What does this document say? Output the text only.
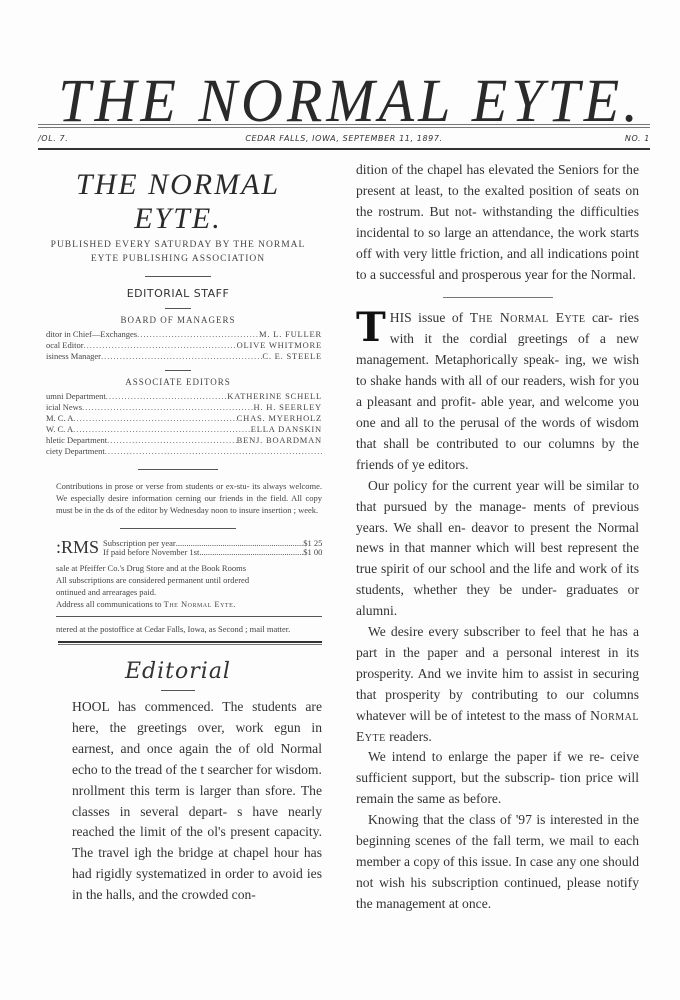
THE NORMAL EYTE.
/OL. 7.	CEDAR FALLS, IOWA, SEPTEMBER 11, 1897.	NO. 1
THE NORMAL EYTE.
PUBLISHED EVERY SATURDAY BY THE NORMAL
EYTE PUBLISHING ASSOCIATION
EDITORIAL STAFF
BOARD OF MANAGERS
ditor in Chief—Exchanges .....	M. L. FULLER
ocal Editor .....	OLIVE WHITMORE
isiness Manager .....	C. E. STEELE
ASSOCIATE EDITORS
umni Department .....	KATHERINE SCHELL
icial News .....	H. H. SEERLEY
M. C. A .....	CHAS. MYERHOLZ
W. C. A .....	ELLA DANSKIN
hletic Department .....	BENJ. BOARDMAN
ciety Department
.....

Contributions in prose or verse from students or ex-stu- its always welcome. We especially desire information cerning our friends in the field. All copy must be in the ds of the editor by Wednesday noon to insure insertion ; week.

:RMS Subscription per year .....	$1 25
If paid before November 1st .....	$1 00

sale at Pfeiffer Co.'s Drug Store and at the Book Rooms

All subscriptions are considered permanent until ordered

ontinued and arrearages paid.

Address all communications to The Normal Eyte.

ntered at the postoffice at Cedar Falls, Iowa, as Second ; mail matter.

Editorial

HOOL has commenced. The students are here, the greetings over, work egun in earnest, and once again the of old Normal echo to the tread of the t searcher for wisdom.

nrollment this term is larger than sfore. The classes in several depart- s have nearly reached the limit of the ol's present capacity. The travel igh the bridge at chapel hour has had rigidly systematized in order to avoid ies in the halls, and the crowded con-

dition of the chapel has elevated the Seniors for the present at least, to the exalted position of seats on the rostrum. But not- withstanding the difficulties incidental to so large an attendance, the work starts off with very little friction, and all indications point to a successful and prosperous year for the Normal.

THIS issue of The Normal Eyte car- ries with it the cordial greetings of a new management. Metaphorically speak- ing, we wish to shake hands with all of our readers, wish for you a pleasant and profit- able year, and welcome you one and all to the perusal of the words of wisdom that shall be contributed to our columns by the friends of ye editors.

Our policy for the current year will be similar to that pursued by the manage- ments of previous years. We shall en- deavor to present the Normal news in that manner which will best represent the true spirit of our school and the life and work of its students, whether they be under- graduates or alumni.

We desire every subscriber to feel that he has a part in the paper and a personal interest in its prosperity. And we invite him to assist in securing that prosperity by contributing to our columns whatever will be of intetest to the mass of Normal Eyte readers.

We intend to enlarge the paper if we re- ceive sufficient support, but the subscrip- tion price will remain the same as before.

Knowing that the class of '97 is interested in the beginning scenes of the fall term, we mail to each member a copy of this issue. In case any one should not wish his subscription continued, please notify the management at once.
